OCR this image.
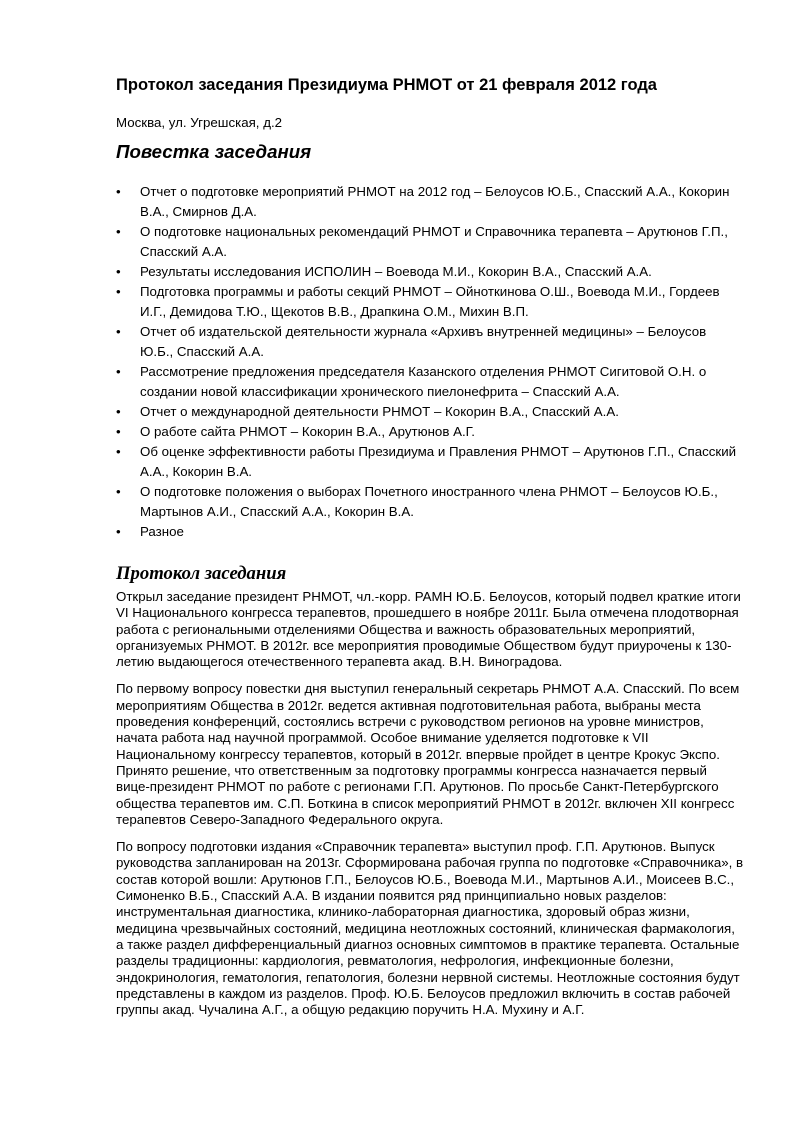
Протокол заседания Президиума РНМОТ от 21 февраля 2012 года

Москва, ул. Угрешская, д.2

Повестка заседания
• Отчет о подготовке мероприятий РНМОТ на 2012 год – Белоусов Ю.Б., Спасский А.А., Кокорин В.А., Смирнов Д.А.
• О подготовке национальных рекомендаций РНМОТ и Справочника терапевта – Арутюнов Г.П., Спасский А.А.
• Результаты исследования ИСПОЛИН – Воевода М.И., Кокорин В.А., Спасский А.А.
• Подготовка программы и работы секций РНМОТ – Ойноткинова О.Ш., Воевода М.И., Гордеев И.Г., Демидова Т.Ю., Щекотов В.В., Драпкина О.М., Михин В.П.
• Отчет об издательской деятельности журнала «Архивъ внутренней медицины» – Белоусов Ю.Б., Спасский А.А.
• Рассмотрение предложения председателя Казанского отделения РНМОТ Сигитовой О.Н. о создании новой классификации хронического пиелонефрита – Спасский А.А.
• Отчет о международной деятельности РНМОТ – Кокорин В.А., Спасский А.А.
• О работе сайта РНМОТ – Кокорин В.А., Арутюнов А.Г.
• Об оценке эффективности работы Президиума и Правления РНМОТ – Арутюнов Г.П., Спасский А.А., Кокорин В.А.
• О подготовке положения о выборах Почетного иностранного члена РНМОТ – Белоусов Ю.Б., Мартынов А.И., Спасский А.А., Кокорин В.А.
• Разное
Протокол заседания

Открыл заседание президент РНМОТ, чл.-корр. РАМН Ю.Б. Белоусов, который подвел краткие итоги VI Национального конгресса терапевтов, прошедшего в ноябре 2011г. Была отмечена плодотворная работа с региональными отделениями Общества и важность образовательных мероприятий, организуемых РНМОТ. В 2012г. все мероприятия проводимые Обществом будут приурочены к 130-летию выдающегося отечественного терапевта акад. В.Н. Виноградова.

По первому вопросу повестки дня выступил генеральный секретарь РНМОТ А.А. Спасский. По всем мероприятиям Общества в 2012г. ведется активная подготовительная работа, выбраны места проведения конференций, состоялись встречи с руководством регионов на уровне министров, начата работа над научной программой. Особое внимание уделяется подготовке к VII Национальному конгрессу терапевтов, который в 2012г. впервые пройдет в центре Крокус Экспо. Принято решение, что ответственным за подготовку программы конгресса назначается первый вице-президент РНМОТ по работе с регионами Г.П. Арутюнов. По просьбе Санкт-Петербургского общества терапевтов им. С.П. Боткина в список мероприятий РНМОТ в 2012г. включен XII конгресс терапевтов Северо-Западного Федерального округа.

По вопросу подготовки издания «Справочник терапевта» выступил проф. Г.П. Арутюнов. Выпуск руководства запланирован на 2013г. Сформирована рабочая группа по подготовке «Справочника», в состав которой вошли: Арутюнов Г.П., Белоусов Ю.Б., Воевода М.И., Мартынов А.И., Моисеев В.С., Симоненко В.Б., Спасский А.А. В издании появится ряд принципиально новых разделов: инструментальная диагностика, клинико-лабораторная диагностика, здоровый образ жизни, медицина чрезвычайных состояний, медицина неотложных состояний, клиническая фармакология, а также раздел дифференциальный диагноз основных симптомов в практике терапевта. Остальные разделы традиционны: кардиология, ревматология, нефрология, инфекционные болезни, эндокринология, гематология, гепатология, болезни нервной системы. Неотложные состояния будут представлены в каждом из разделов. Проф. Ю.Б. Белоусов предложил включить в состав рабочей группы акад. Чучалина А.Г., а общую редакцию поручить Н.А. Мухину и А.Г.
